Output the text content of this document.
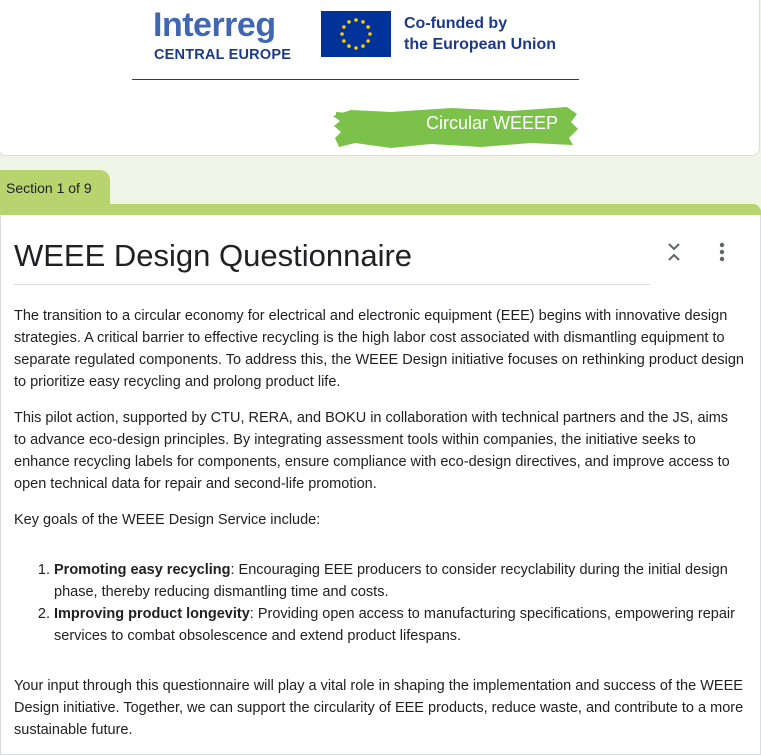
Interreg
CENTRAL EUROPE
Co-funded by
the European Union
Circular WEEEP
Section 1 of 9
WEEE Design Questionnaire

The transition to a circular economy for electrical and electronic equipment (EEE) begins with innovative design strategies. A critical barrier to effective recycling is the high labor cost associated with dismantling equipment to separate regulated components. To address this, the WEEE Design initiative focuses on rethinking product design to prioritize easy recycling and prolong product life.

This pilot action, supported by CTU, RERA, and BOKU in collaboration with technical partners and the JS, aims to advance eco-design principles. By integrating assessment tools within companies, the initiative seeks to enhance recycling labels for components, ensure compliance with eco-design directives, and improve access to open technical data for repair and second-life promotion.

Key goals of the WEEE Design Service include:

1. Promoting easy recycling: Encouraging EEE producers to consider recyclability during the initial design phase, thereby reducing dismantling time and costs.
2. Improving product longevity: Providing open access to manufacturing specifications, empowering repair services to combat obsolescence and extend product lifespans.

Your input through this questionnaire will play a vital role in shaping the implementation and success of the WEEE Design initiative. Together, we can support the circularity of EEE products, reduce waste, and contribute to a more sustainable future.
